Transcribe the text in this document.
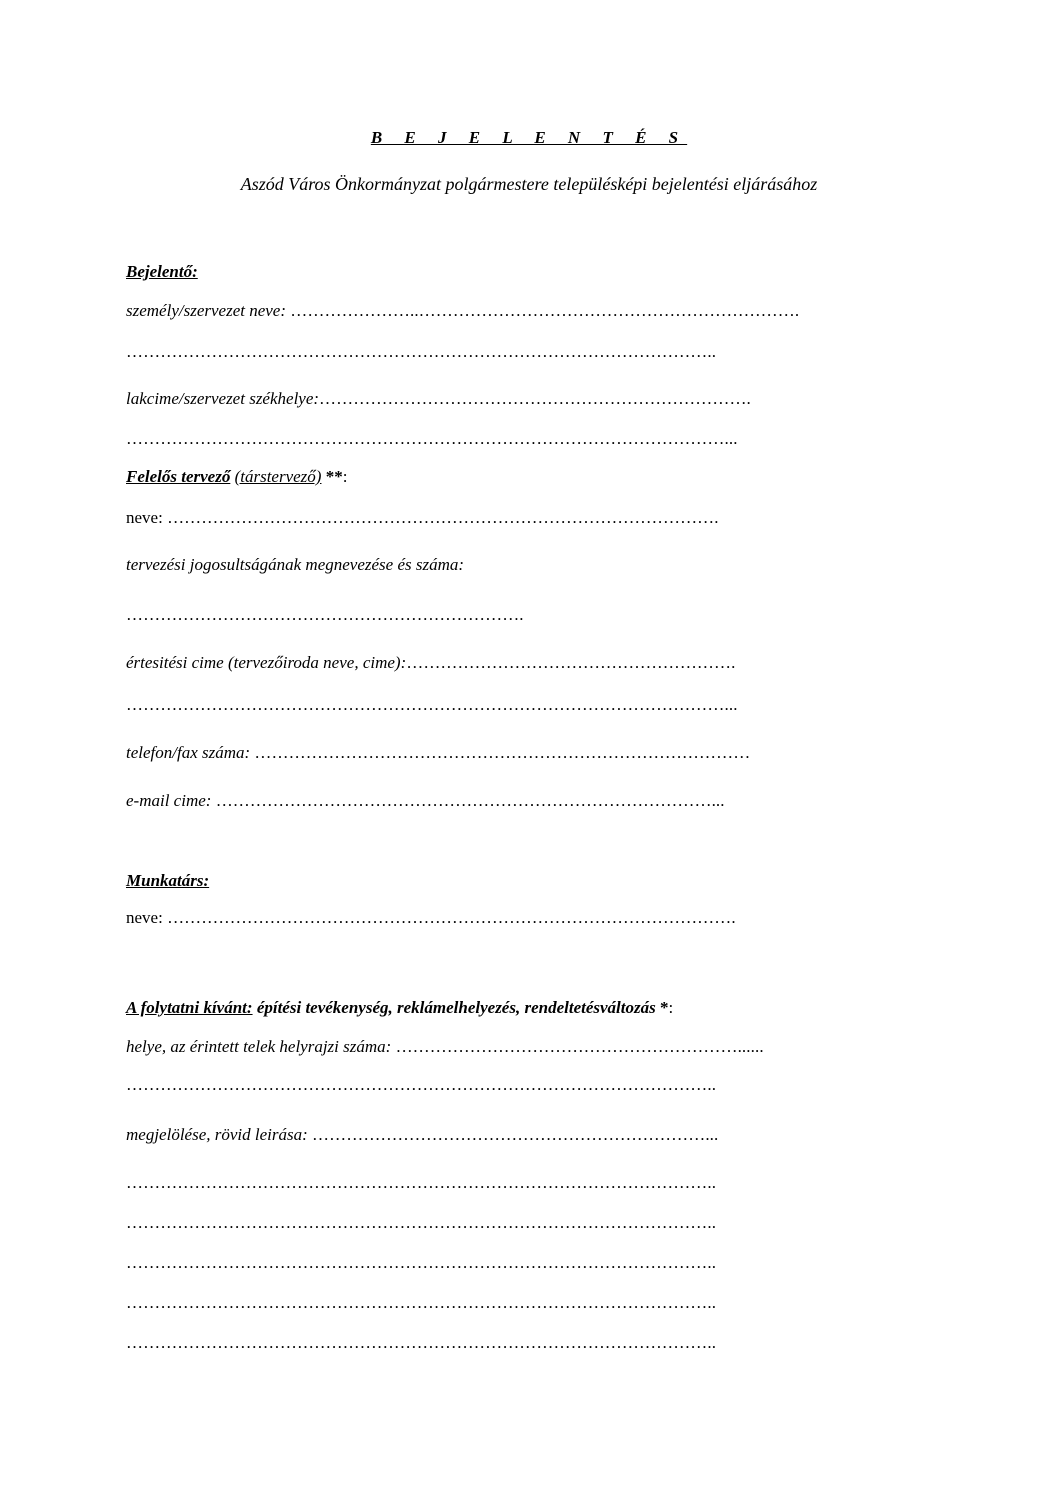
B E J E L E N T É S
Aszód Város Önkormányzat polgármestere településképi bejelentési eljárásához
Bejelentő:
személy/szervezet neve: …………………..………………………………………………………….
…………………………………………………………………………………………..
lakcime/szervezet székhelye:………………………………………………………………….
……………………………………………………………………………………………...
Felelős tervező (társtervező) **:
neve: …………………………………………………………………………………….
tervezési jogosultságának megnevezése és száma:
…………………………………………………………….
értesitési cime (tervezőiroda neve, cime):………………………………………………….
……………………………………………………………………………………………...
telefon/fax száma: ……………………………………………………………………………
e-mail cime: ……………………………………………………………………………...
Munkatárs:
neve: ……………………………………………………………………………………….
A folytatni kívánt: építési tevékenység, reklámelhelyezés, rendeltetésváltozás *:
helye, az érintett telek helyrajzi száma: ……………………………………………………......
…………………………………………………………………………………………..
megjelölése, rövid leirása: ……………………………………………………………...
…………………………………………………………………………………………..
…………………………………………………………………………………………..
…………………………………………………………………………………………..
…………………………………………………………………………………………..
…………………………………………………………………………………………..
